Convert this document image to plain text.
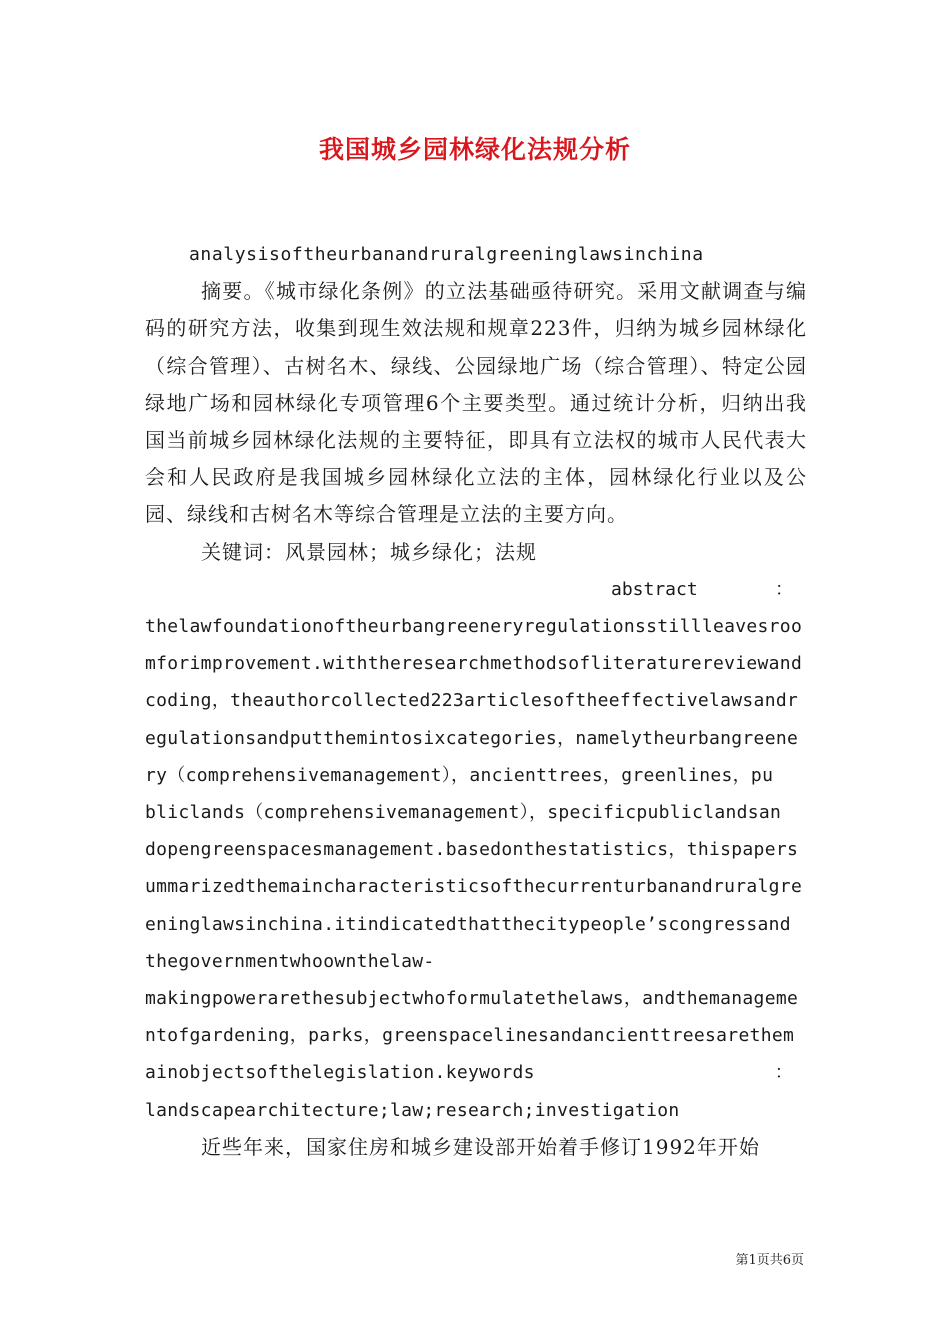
我国城乡园林绿化法规分析
analysisoftheurbanandruralgreeninglawsinchina

摘要。《城市绿化条例》的立法基础亟待研究。采用文献调查与编码的研究方法，收集到现生效法规和规章223件，归纳为城乡园林绿化（综合管理）、古树名木、绿线、公园绿地广场（综合管理）、特定公园绿地广场和园林绿化专项管理6个主要类型。通过统计分析，归纳出我国当前城乡园林绿化法规的主要特征，即具有立法权的城市人民代表大会和人民政府是我国城乡园林绿化立法的主体，园林绿化行业以及公园、绿线和古树名木等综合管理是立法的主要方向。

关键词：风景园林；城乡绿化；法规

abstract	：
thelawfoundationoftheurbangreeneryregulationsstillleavesroo
mforimprovement.withtheresearchmethodsofliteraturereviewand
coding，theauthorcollected223articlesoftheeffectivelawsandr
egulationsandputthemintosixcategories，namelytheurbangreene
ry（comprehensivemanagement），ancienttrees，greenlines，pu
bliclands（comprehensivemanagement），specificpubliclandsan
dopengreenspacesmanagement.basedonthestatistics，thispapers
ummarizedthemaincharacteristicsofthecurrenturbanandruralgre
eninglawsinchina.itindicatedthatthecitypeople’scongressand
thegovernmentwhoownthelaw-
makingpowerarethesubjectwhoformulatethelaws，andthemanageme
ntofgardening，parks，greenspacelinesandancienttreesarethem
ainobjectsofthelegislation.keywords	：
landscapearchitecture;law;research;investigation

近些年来，国家住房和城乡建设部开始着手修订1992年开始

第1页共6页
